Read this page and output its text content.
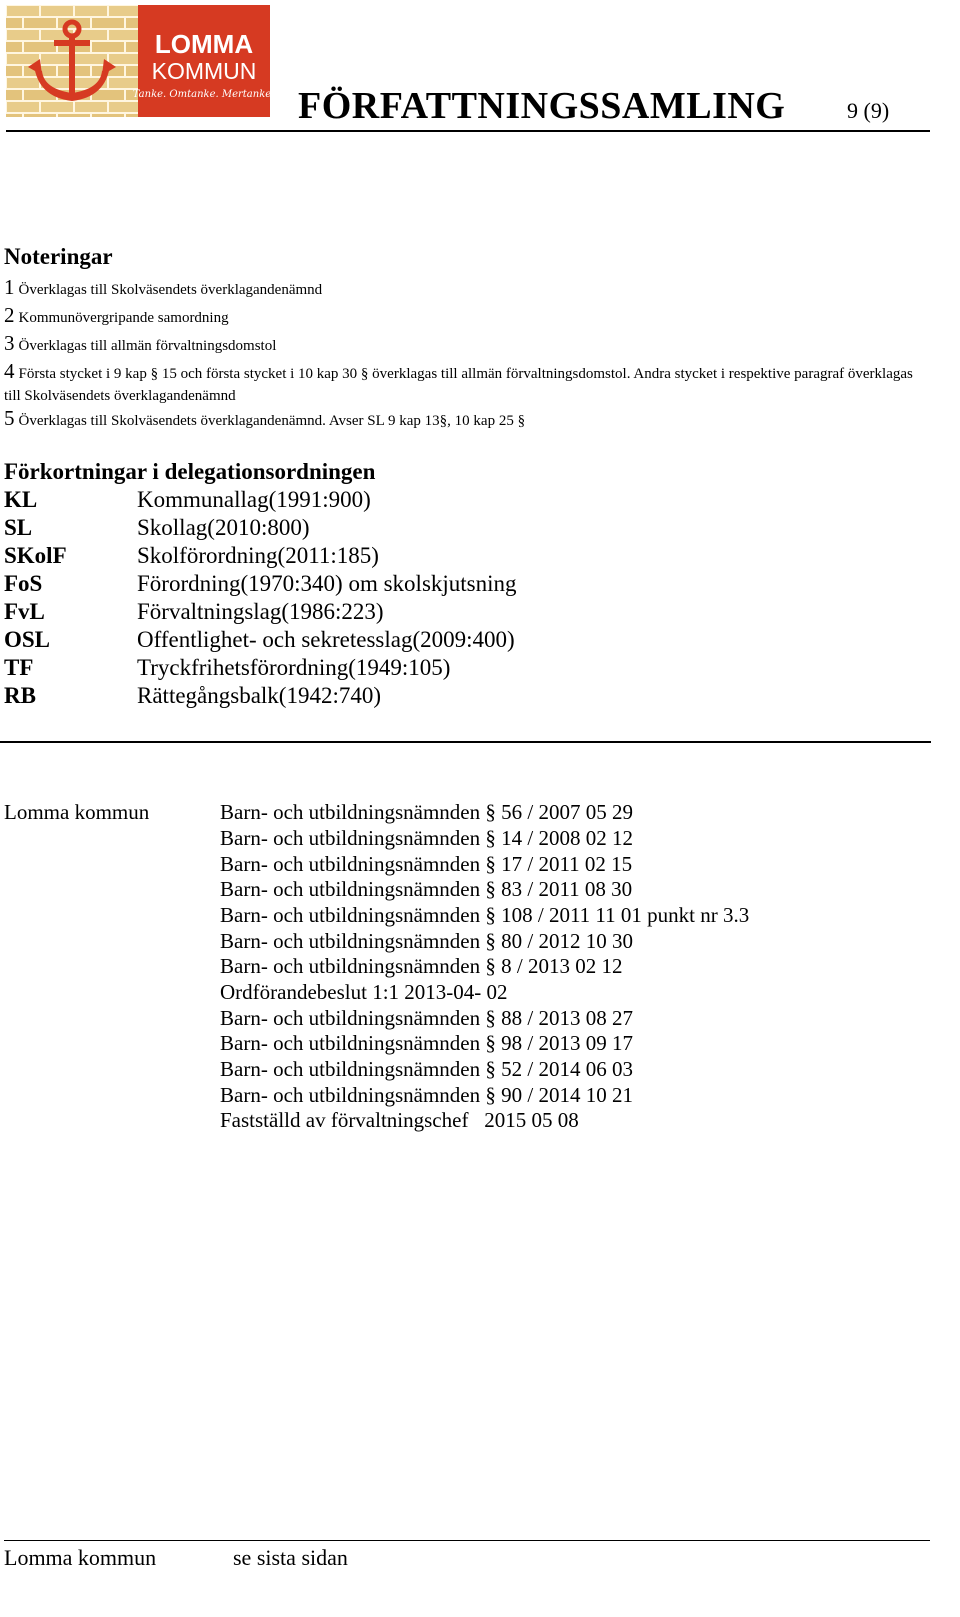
LOMMA
KOMMUN
Tanke. Omtanke. Mertanke! FÖRFATTNINGSSAMLING	9 (9)
Noteringar
1 Överklagas till Skolväsendets överklagandenämnd
2 Kommunövergripande samordning
3 Överklagas till allmän förvaltningsdomstol
4 Första stycket i 9 kap § 15 och första stycket i 10 kap 30 § överklagas till allmän förvaltningsdomstol. Andra stycket i respektive paragraf överklagas till Skolväsendets överklagandenämnd
5 Överklagas till Skolväsendets överklagandenämnd. Avser SL 9 kap 13§, 10 kap 25 §
Förkortningar i delegationsordningen
KL	Kommunallag(1991:900)
SL	Skollag(2010:800)
SKolF	Skolförordning(2011:185)
FoS	Förordning(1970:340) om skolskjutsning
FvL	Förvaltningslag(1986:223)
OSL	Offentlighet- och sekretesslag(2009:400)
TF	Tryckfrihetsförordning(1949:105)
RB	Rättegångsbalk(1942:740)
Lomma kommun	Barn- och utbildningsnämnden § 56 / 2007 05 29
Barn- och utbildningsnämnden § 14 / 2008 02 12
Barn- och utbildningsnämnden § 17 / 2011 02 15
Barn- och utbildningsnämnden § 83 / 2011 08 30
Barn- och utbildningsnämnden § 108 / 2011 11 01 punkt nr 3.3
Barn- och utbildningsnämnden § 80 / 2012 10 30
Barn- och utbildningsnämnden § 8 / 2013 02 12
Ordförandebeslut 1:1 2013-04- 02
Barn- och utbildningsnämnden § 88 / 2013 08 27
Barn- och utbildningsnämnden § 98 / 2013 09 17
Barn- och utbildningsnämnden § 52 / 2014 06 03
Barn- och utbildningsnämnden § 90 / 2014 10 21
Fastställd av förvaltningschef   2015 05 08
Lomma kommun	se sista sidan
